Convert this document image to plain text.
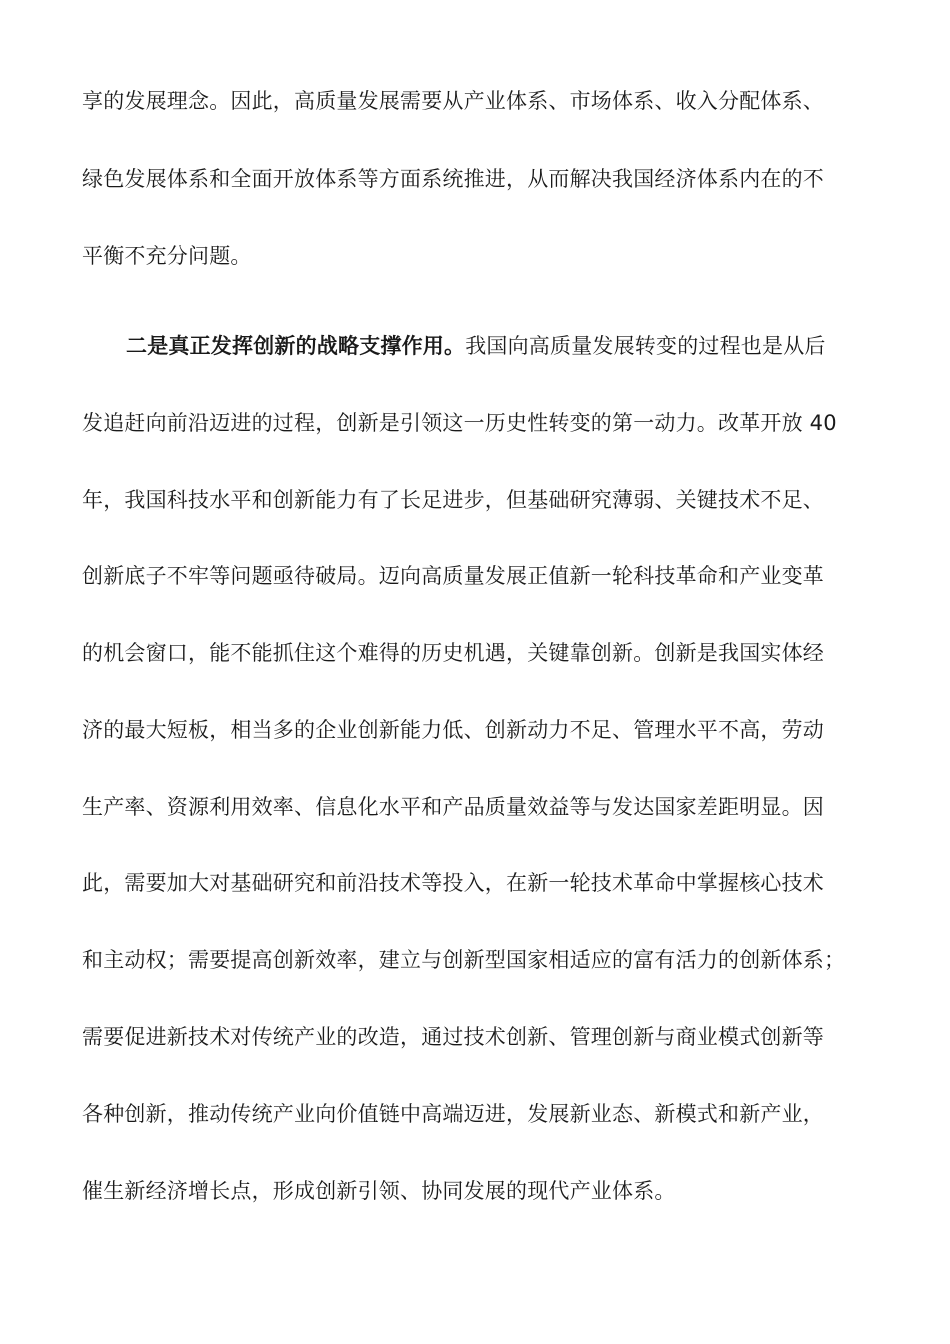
享的发展理念。因此，高质量发展需要从产业体系、市场体系、收入分配体系、
绿色发展体系和全面开放体系等方面系统推进，从而解决我国经济体系内在的不
平衡不充分问题。
二是真正发挥创新的战略支撑作用。我国向高质量发展转变的过程也是从后
发追赶向前沿迈进的过程，创新是引领这一历史性转变的第一动力。改革开放 40
年，我国科技水平和创新能力有了长足进步，但基础研究薄弱、关键技术不足、
创新底子不牢等问题亟待破局。迈向高质量发展正值新一轮科技革命和产业变革
的机会窗口，能不能抓住这个难得的历史机遇，关键靠创新。创新是我国实体经
济的最大短板，相当多的企业创新能力低、创新动力不足、管理水平不高，劳动
生产率、资源利用效率、信息化水平和产品质量效益等与发达国家差距明显。因
此，需要加大对基础研究和前沿技术等投入，在新一轮技术革命中掌握核心技术
和主动权；需要提高创新效率，建立与创新型国家相适应的富有活力的创新体系；
需要促进新技术对传统产业的改造，通过技术创新、管理创新与商业模式创新等
各种创新，推动传统产业向价值链中高端迈进，发展新业态、新模式和新产业，
催生新经济增长点，形成创新引领、协同发展的现代产业体系。
